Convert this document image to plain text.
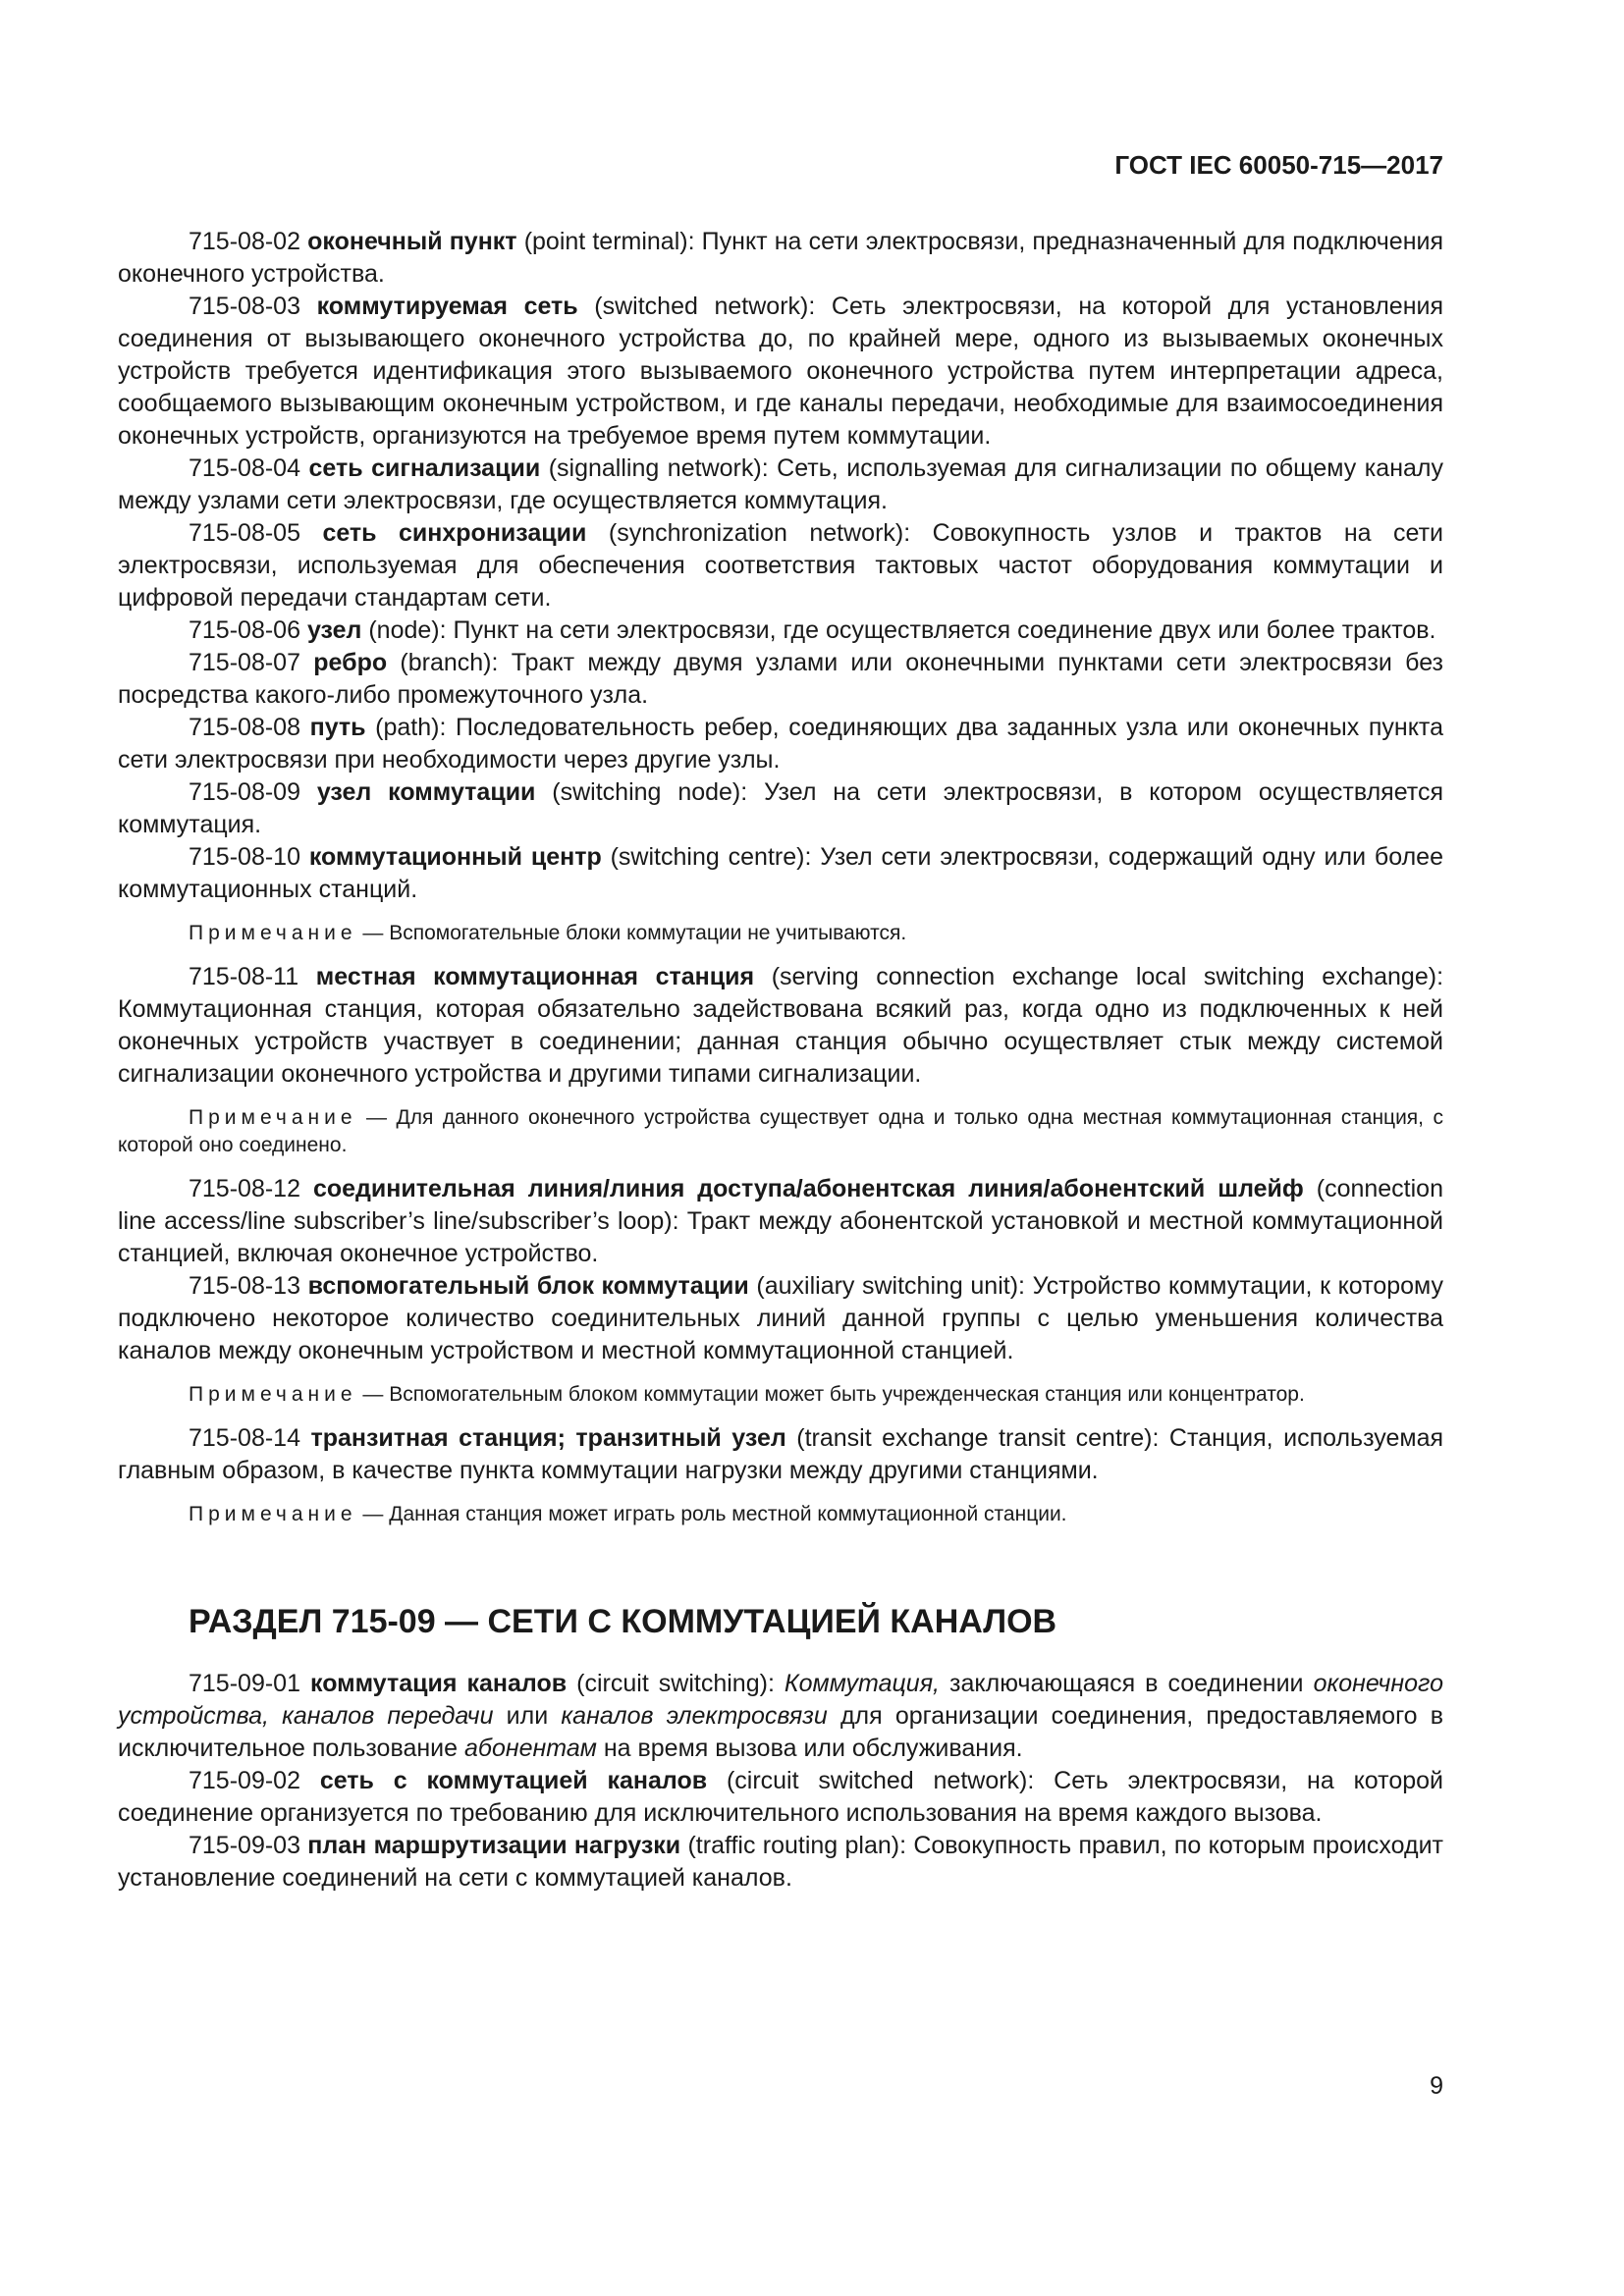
ГОСТ IEC 60050-715—2017

715-08-02 оконечный пункт (point terminal): Пункт на сети электросвязи, предназначенный для подключения оконечного устройства.

715-08-03 коммутируемая сеть (switched network): Сеть электросвязи, на которой для установления соединения от вызывающего оконечного устройства до, по крайней мере, одного из вызываемых оконечных устройств требуется идентификация этого вызываемого оконечного устройства путем интерпретации адреса, сообщаемого вызывающим оконечным устройством, и где каналы передачи, необходимые для взаимосоединения оконечных устройств, организуются на требуемое время путем коммутации.

715-08-04 сеть сигнализации (signalling network): Сеть, используемая для сигнализации по общему каналу между узлами сети электросвязи, где осуществляется коммутация.

715-08-05 сеть синхронизации (synchronization network): Совокупность узлов и трактов на сети электросвязи, используемая для обеспечения соответствия тактовых частот оборудования коммутации и цифровой передачи стандартам сети.

715-08-06 узел (node): Пункт на сети электросвязи, где осуществляется соединение двух или более трактов.

715-08-07 ребро (branch): Тракт между двумя узлами или оконечными пунктами сети электросвязи без посредства какого-либо промежуточного узла.

715-08-08 путь (path): Последовательность ребер, соединяющих два заданных узла или оконечных пункта сети электросвязи при необходимости через другие узлы.

715-08-09 узел коммутации (switching node): Узел на сети электросвязи, в котором осуществляется коммутация.

715-08-10 коммутационный центр (switching centre): Узел сети электросвязи, содержащий одну или более коммутационных станций.

Примечание — Вспомогательные блоки коммутации не учитываются.

715-08-11 местная коммутационная станция (serving connection exchange local switching exchange): Коммутационная станция, которая обязательно задействована всякий раз, когда одно из подключенных к ней оконечных устройств участвует в соединении; данная станция обычно осуществляет стык между системой сигнализации оконечного устройства и другими типами сигнализации.

Примечание — Для данного оконечного устройства существует одна и только одна местная коммутационная станция, с которой оно соединено.

715-08-12 соединительная линия/линия доступа/абонентская линия/абонентский шлейф (connection line access/line subscriber’s line/subscriber’s loop): Тракт между абонентской установкой и местной коммутационной станцией, включая оконечное устройство.

715-08-13 вспомогательный блок коммутации (auxiliary switching unit): Устройство коммутации, к которому подключено некоторое количество соединительных линий данной группы с целью уменьшения количества каналов между оконечным устройством и местной коммутационной станцией.

Примечание — Вспомогательным блоком коммутации может быть учрежденческая станция или концентратор.

715-08-14 транзитная станция; транзитный узел (transit exchange transit centre): Станция, используемая главным образом, в качестве пункта коммутации нагрузки между другими станциями.

Примечание — Данная станция может играть роль местной коммутационной станции.

РАЗДЕЛ 715-09 — СЕТИ С КОММУТАЦИЕЙ КАНАЛОВ

715-09-01 коммутация каналов (circuit switching): Коммутация, заключающаяся в соединении оконечного устройства, каналов передачи или каналов электросвязи для организации соединения, предоставляемого в исключительное пользование абонентам на время вызова или обслуживания.

715-09-02 сеть с коммутацией каналов (circuit switched network): Сеть электросвязи, на которой соединение организуется по требованию для исключительного использования на время каждого вызова.

715-09-03 план маршрутизации нагрузки (traffic routing plan): Совокупность правил, по которым происходит установление соединений на сети с коммутацией каналов.

9
